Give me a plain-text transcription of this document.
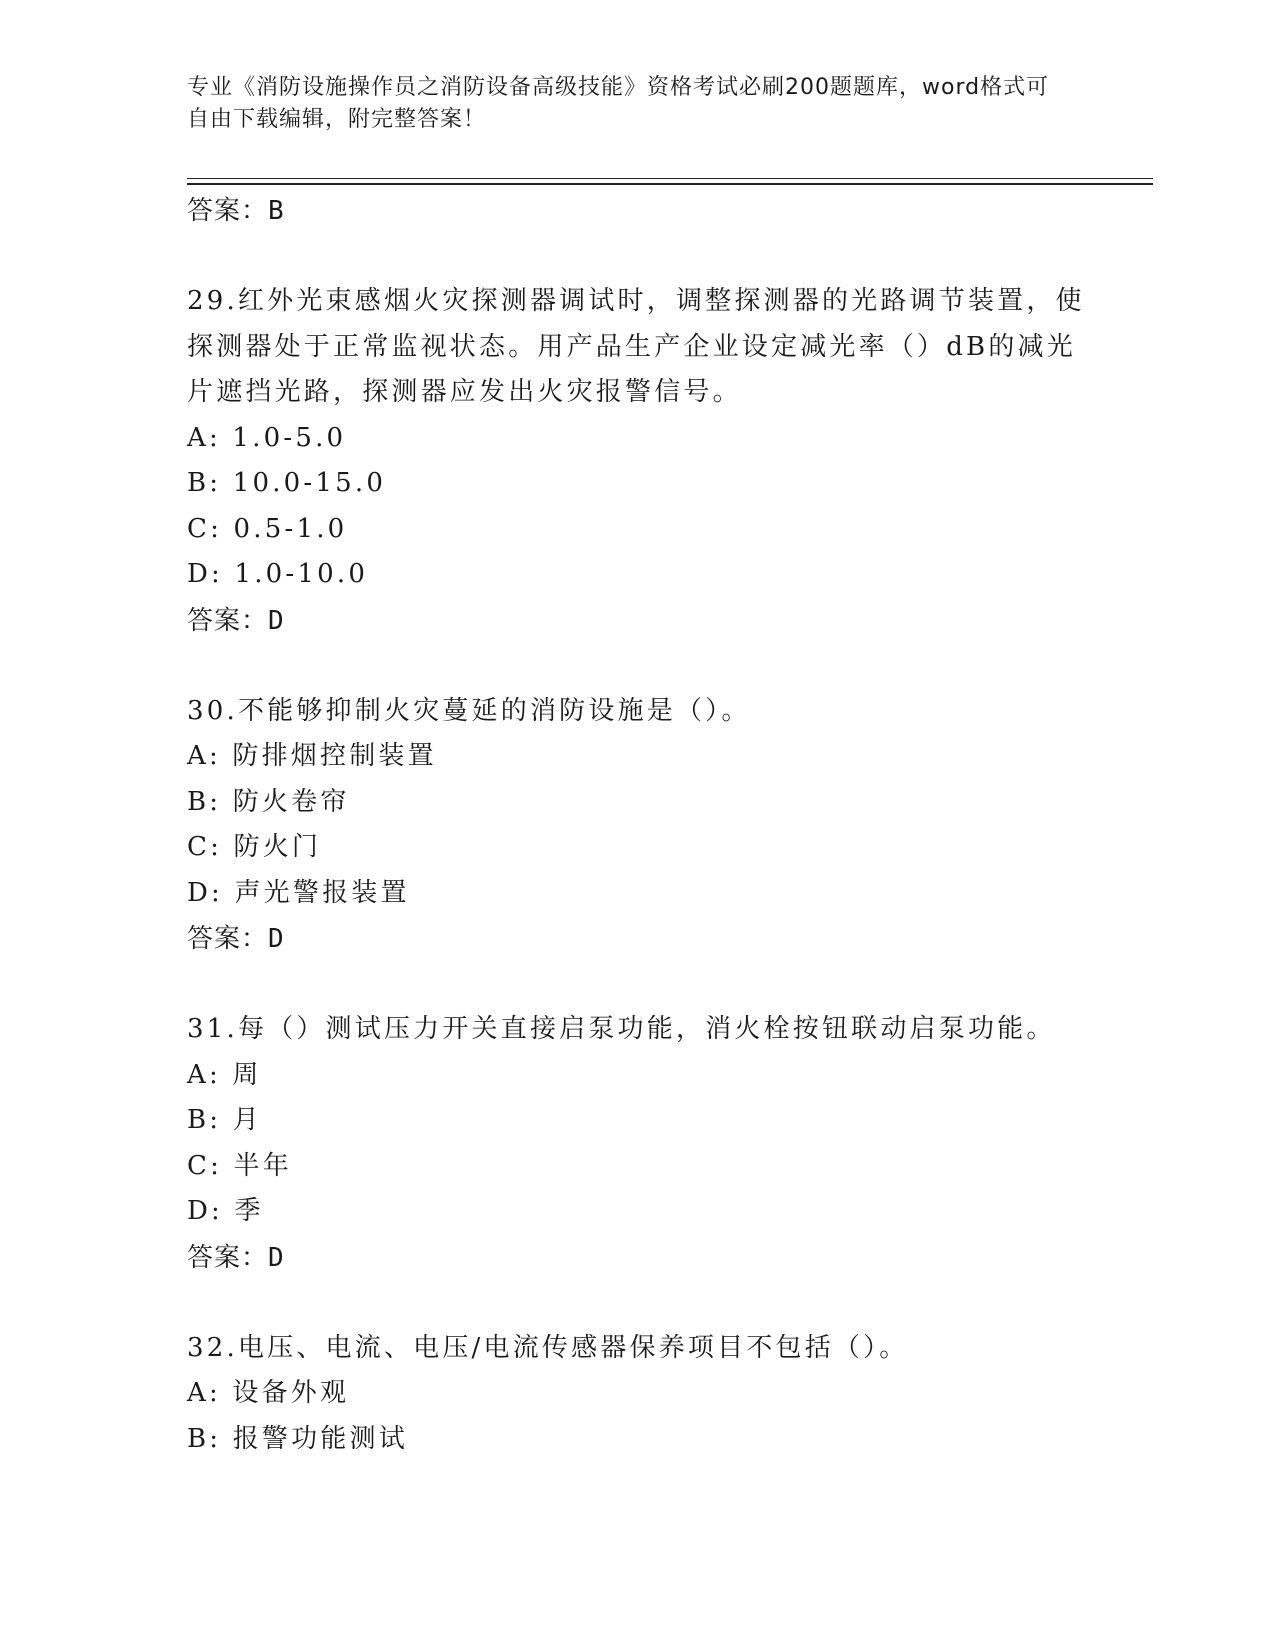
专业《消防设施操作员之消防设备高级技能》资格考试必刷200题题库，word格式可自由下载编辑，附完整答案！
答案：B
29.红外光束感烟火灾探测器调试时，调整探测器的光路调节装置，使探测器处于正常监视状态。用产品生产企业设定减光率（）dB的减光片遮挡光路，探测器应发出火灾报警信号。
A: 1.0-5.0
B: 10.0-15.0
C: 0.5-1.0
D: 1.0-10.0
答案：D
30.不能够抑制火灾蔓延的消防设施是（）。
A: 防排烟控制装置
B: 防火卷帘
C: 防火门
D: 声光警报装置
答案：D
31.每（）测试压力开关直接启泵功能，消火栓按钮联动启泵功能。
A: 周
B: 月
C: 半年
D: 季
答案：D
32.电压、电流、电压/电流传感器保养项目不包括（）。
A: 设备外观
B: 报警功能测试
